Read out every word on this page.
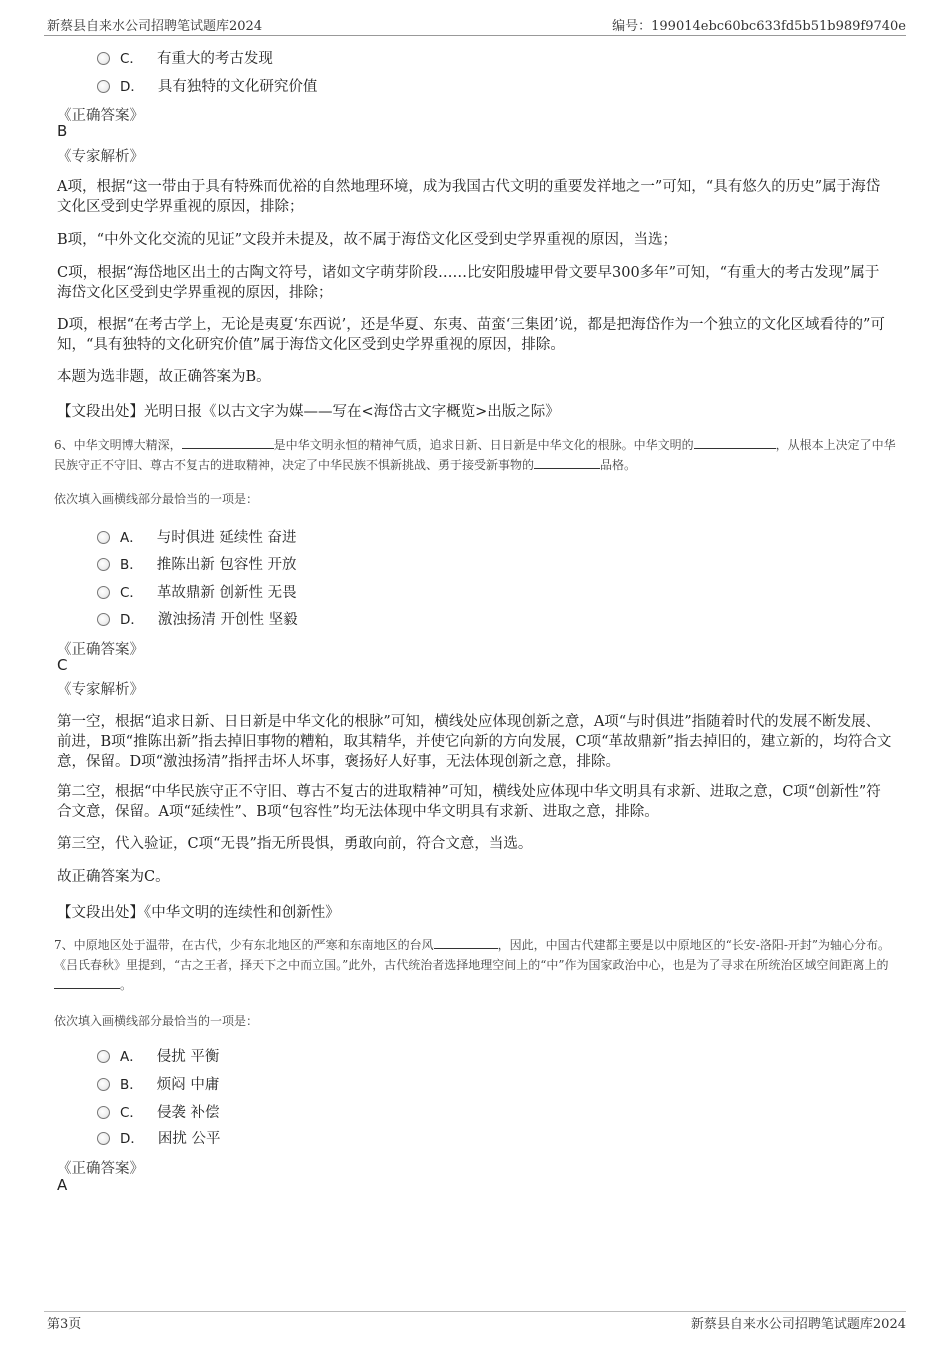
新蔡县自来水公司招聘笔试题库2024	编号：199014ebc60bc633fd5b51b989f9740e
C． 有重大的考古发现
D． 具有独特的文化研究价值
《正确答案》
B
《专家解析》
A项，根据“这一带由于具有特殊而优裕的自然地理环境，成为我国古代文明的重要发祥地之一”可知，“具有悠久的历史”属于海岱文化区受到史学界重视的原因，排除；
B项，“中外文化交流的见证”文段并未提及，故不属于海岱文化区受到史学界重视的原因，当选；
C项，根据“海岱地区出土的古陶文符号，诸如文字萌芽阶段……比安阳殷墟甲骨文要早300多年”可知，“有重大的考古发现”属于海岱文化区受到史学界重视的原因，排除；
D项，根据“在考古学上，无论是夷夏‘东西说’，还是华夏、东夷、苗蛮‘三集团’说，都是把海岱作为一个独立的文化区域看待的”可知，“具有独特的文化研究价值”属于海岱文化区受到史学界重视的原因，排除。
本题为选非题，故正确答案为B。
【文段出处】光明日报《以古文字为媒——写在<海岱古文字概览>出版之际》
6、中华文明博大精深，	是中华文明永恒的精神气质，追求日新、日日新是中华文化的根脉。中华文明的	，从根本上决定了中华民族守正不守旧、尊古不复古的进取精神，决定了中华民族不惧新挑战、勇于接受新事物的	品格。
依次填入画横线部分最恰当的一项是：
A． 与时俱进 延续性 奋进
B． 推陈出新 包容性 开放
C． 革故鼎新 创新性 无畏
D． 激浊扬清 开创性 坚毅
《正确答案》
C
《专家解析》
第一空，根据“追求日新、日日新是中华文化的根脉”可知，横线处应体现创新之意，A项“与时俱进”指随着时代的发展不断发展、前进，B项“推陈出新”指去掉旧事物的糟粕，取其精华，并使它向新的方向发展，C项“革故鼎新”指去掉旧的，建立新的，均符合文意，保留。D项“激浊扬清”指抨击坏人坏事，褒扬好人好事，无法体现创新之意，排除。
第二空，根据“中华民族守正不守旧、尊古不复古的进取精神”可知，横线处应体现中华文明具有求新、进取之意，C项“创新性”符合文意，保留。A项“延续性”、B项“包容性”均无法体现中华文明具有求新、进取之意，排除。
第三空，代入验证，C项“无畏”指无所畏惧，勇敢向前，符合文意，当选。
故正确答案为C。
【文段出处】《中华文明的连续性和创新性》
7、中原地区处于温带，在古代，少有东北地区的严寒和东南地区的台风	，因此，中国古代建都主要是以中原地区的“长安-洛阳-开封”为轴心分布。《吕氏春秋》里提到，“古之王者，择天下之中而立国。”此外，古代统治者选择地理空间上的“中”作为国家政治中心，也是为了寻求在所统治区域空间距离上的。
依次填入画横线部分最恰当的一项是：
A． 侵扰 平衡
B． 烦闷 中庸
C． 侵袭 补偿
D． 困扰 公平
《正确答案》
A
第3页	新蔡县自来水公司招聘笔试题库2024
